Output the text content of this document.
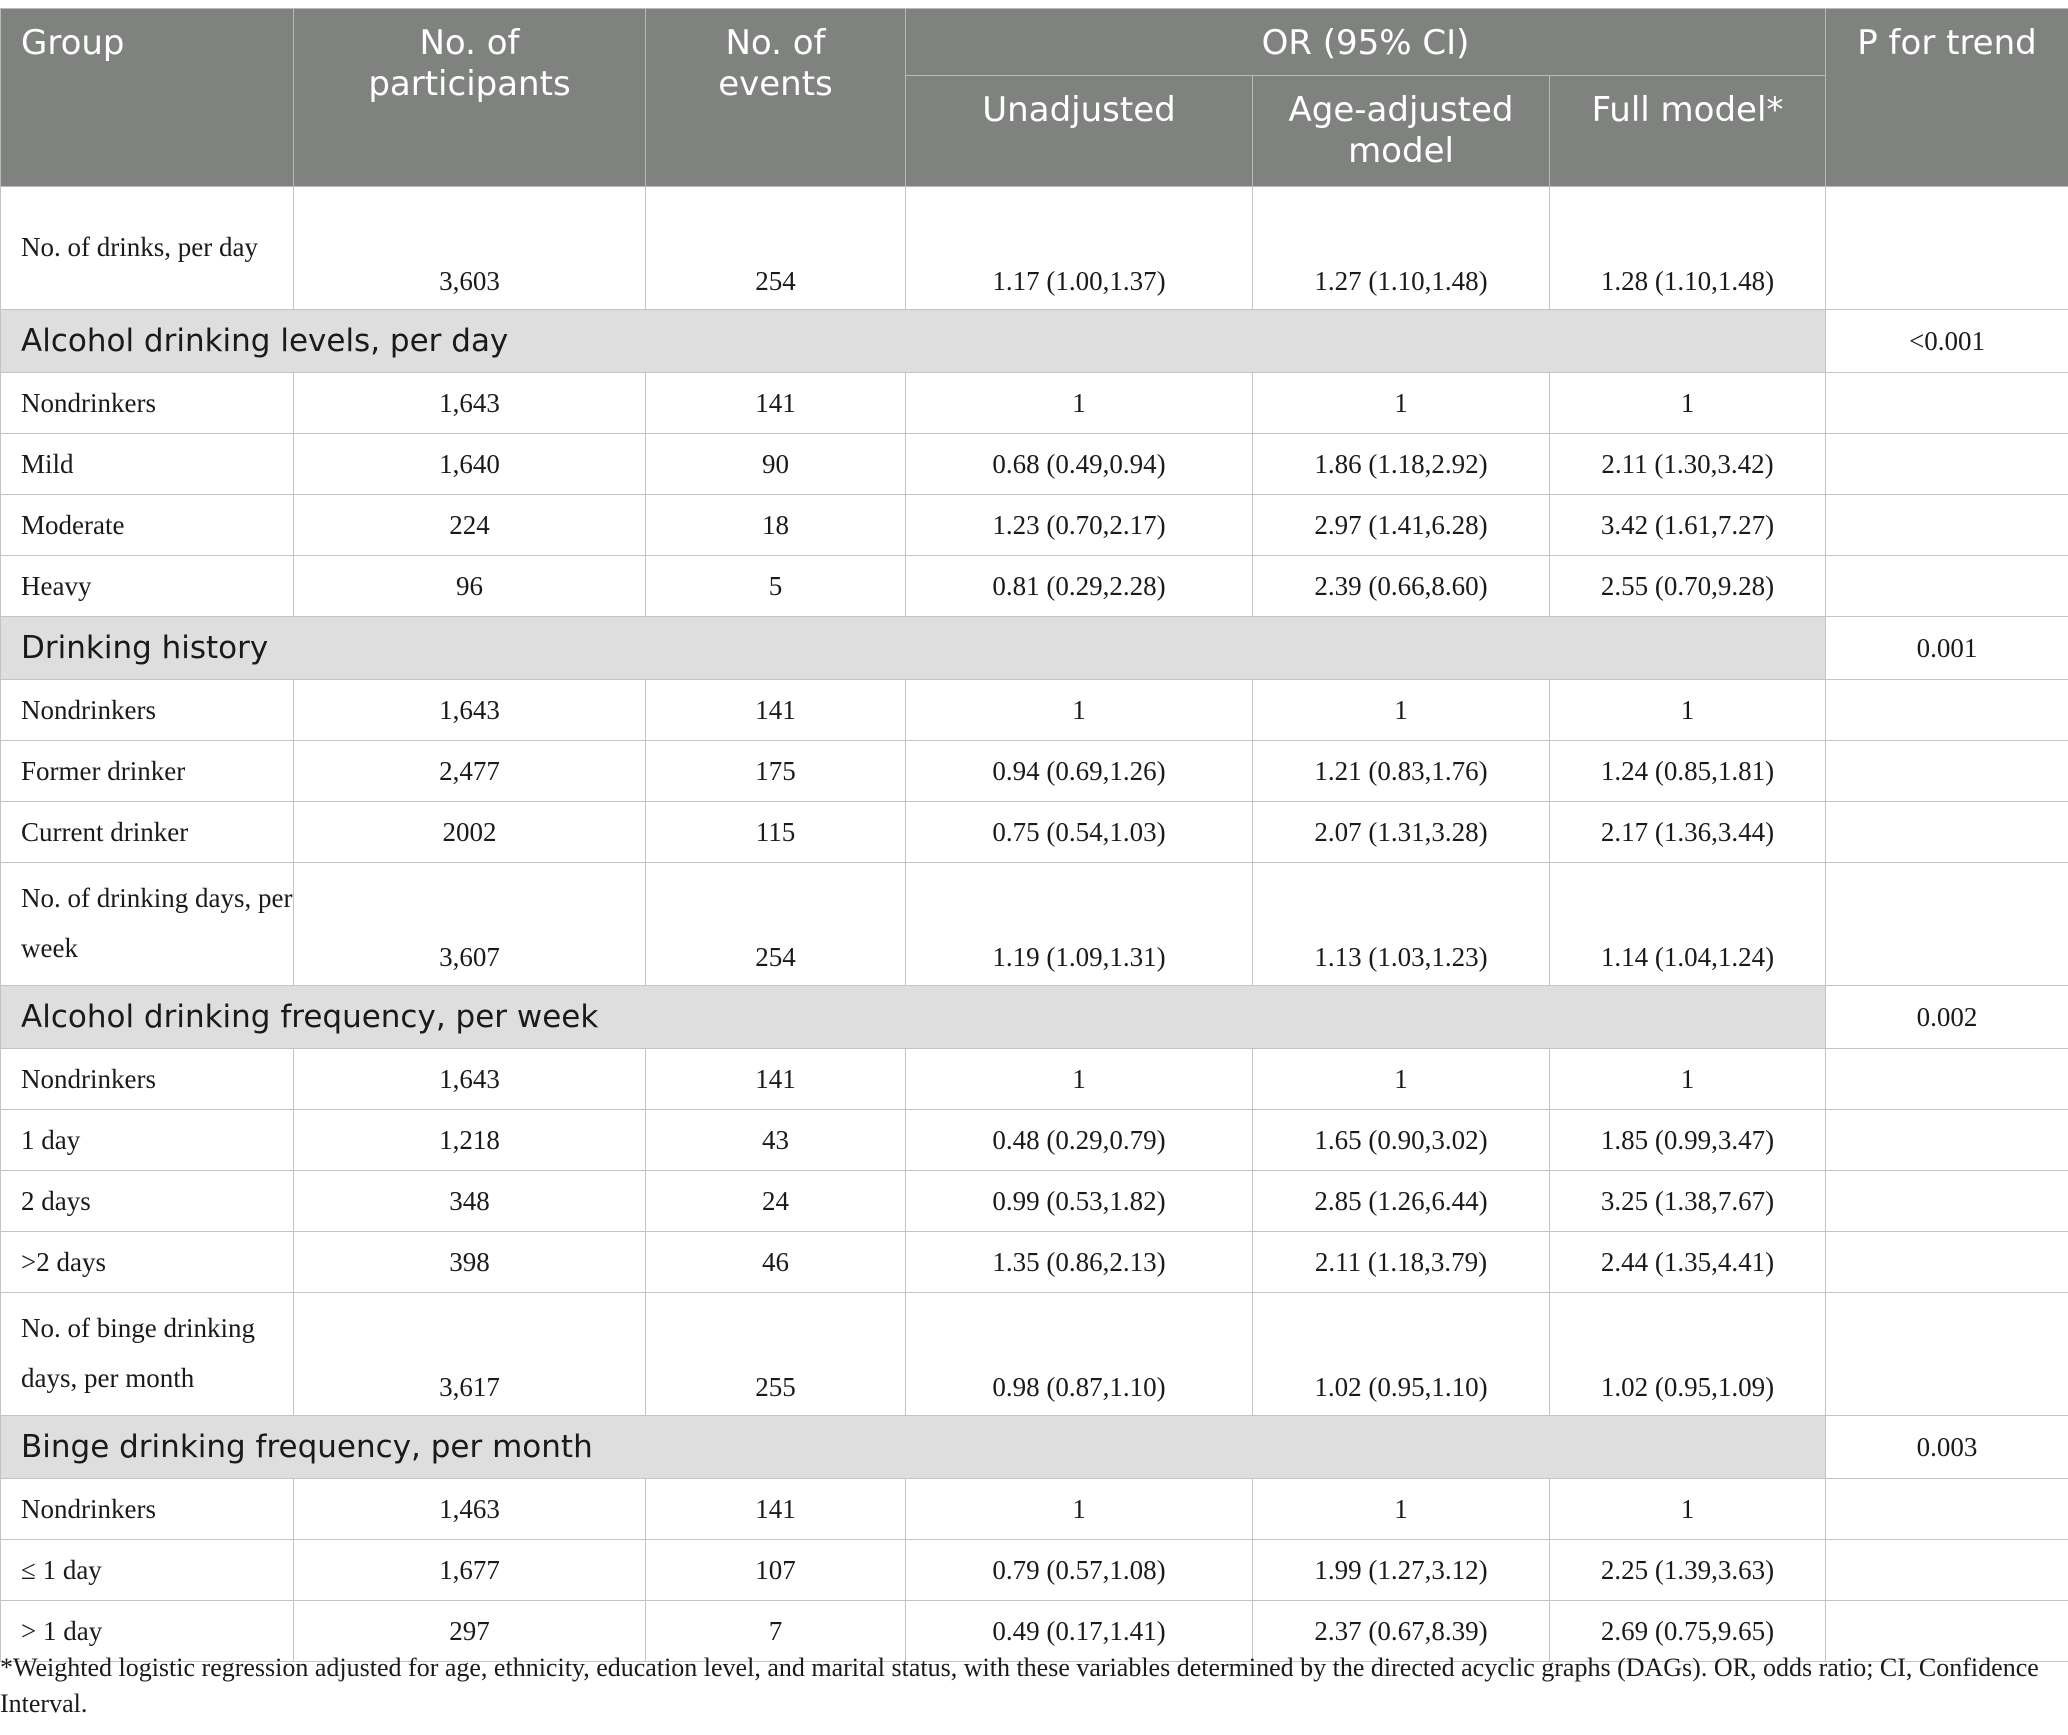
Group	No. of participants	No. of events	OR (95% CI)			P for trend
			Unadjusted	Age-adjusted model	Full model*	
No. of drinks, per day	3,603	254	1.17 (1.00,1.37)	1.27 (1.10,1.48)	1.28 (1.10,1.48)	
Alcohol drinking levels, per day						<0.001
Nondrinkers	1,643	141	1	1	1	
Mild	1,640	90	0.68 (0.49,0.94)	1.86 (1.18,2.92)	2.11 (1.30,3.42)	
Moderate	224	18	1.23 (0.70,2.17)	2.97 (1.41,6.28)	3.42 (1.61,7.27)	
Heavy	96	5	0.81 (0.29,2.28)	2.39 (0.66,8.60)	2.55 (0.70,9.28)	
Drinking history						0.001
Nondrinkers	1,643	141	1	1	1	
Former drinker	2,477	175	0.94 (0.69,1.26)	1.21 (0.83,1.76)	1.24 (0.85,1.81)	
Current drinker	2002	115	0.75 (0.54,1.03)	2.07 (1.31,3.28)	2.17 (1.36,3.44)	
No. of drinking days, per week	3,607	254	1.19 (1.09,1.31)	1.13 (1.03,1.23)	1.14 (1.04,1.24)	
Alcohol drinking frequency, per week						0.002
Nondrinkers	1,643	141	1	1	1	
1 day	1,218	43	0.48 (0.29,0.79)	1.65 (0.90,3.02)	1.85 (0.99,3.47)	
2 days	348	24	0.99 (0.53,1.82)	2.85 (1.26,6.44)	3.25 (1.38,7.67)	
>2 days	398	46	1.35 (0.86,2.13)	2.11 (1.18,3.79)	2.44 (1.35,4.41)	
No. of binge drinking days, per month	3,617	255	0.98 (0.87,1.10)	1.02 (0.95,1.10)	1.02 (0.95,1.09)	
Binge drinking frequency, per month						0.003
Nondrinkers	1,463	141	1	1	1	
≤ 1 day	1,677	107	0.79 (0.57,1.08)	1.99 (1.27,3.12)	2.25 (1.39,3.63)	
> 1 day	297	7	0.49 (0.17,1.41)	2.37 (0.67,8.39)	2.69 (0.75,9.65)	
*Weighted logistic regression adjusted for age, ethnicity, education level, and marital status, with these variables determined by the directed acyclic graphs (DAGs). OR, odds ratio; CI, Confidence Interval.
